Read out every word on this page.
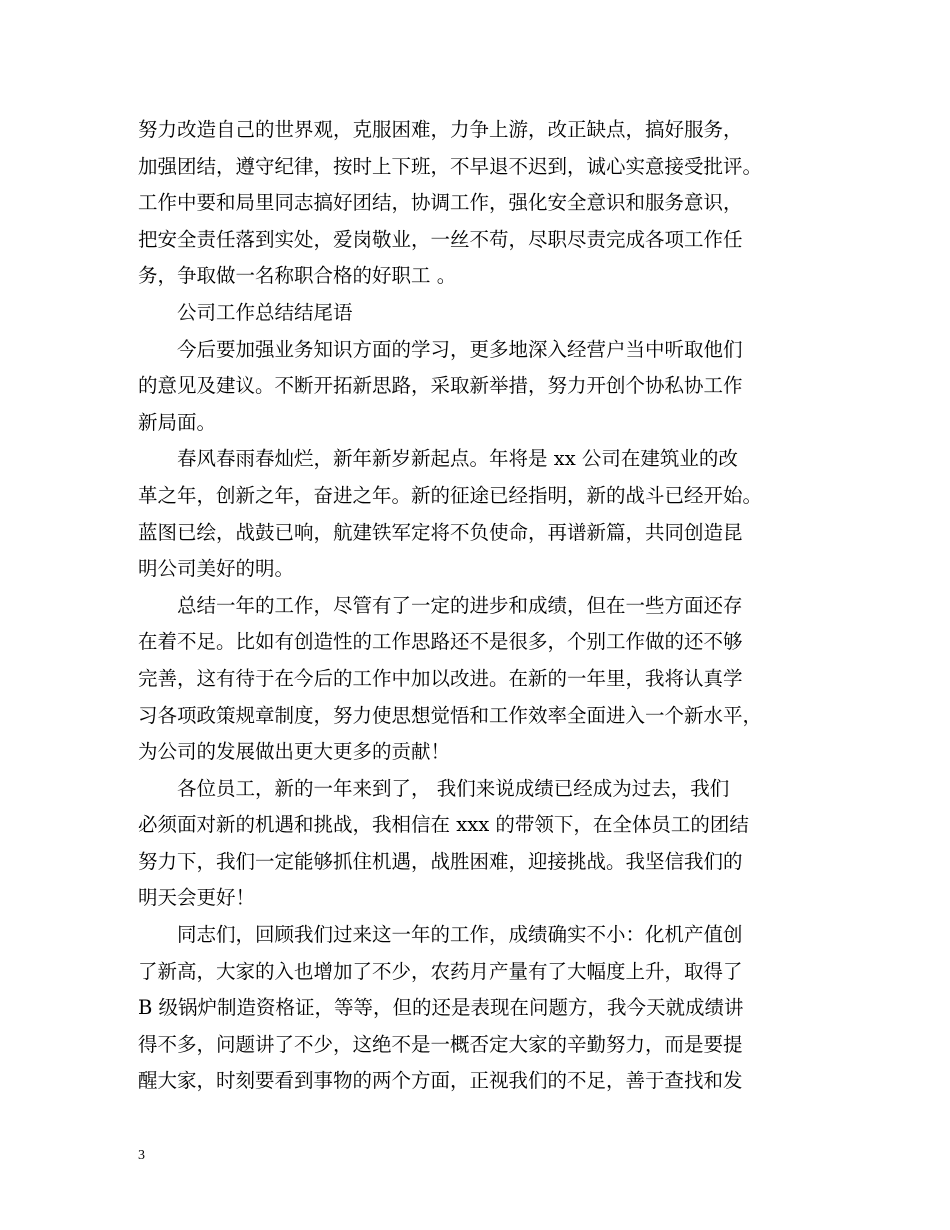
努力改造自己的世界观，克服困难，力争上游，改正缺点，搞好服务，
加强团结，遵守纪律，按时上下班，不早退不迟到，诚心实意接受批评。
工作中要和局里同志搞好团结，协调工作，强化安全意识和服务意识，
把安全责任落到实处，爱岗敬业，一丝不苟，尽职尽责完成各项工作任
务，争取做一名称职合格的好职工 。
　　公司工作总结结尾语
　　今后要加强业务知识方面的学习，更多地深入经营户当中听取他们
的意见及建议。不断开拓新思路，采取新举措，努力开创个协私协工作
新局面。
　　春风春雨春灿烂，新年新岁新起点。年将是 xx 公司在建筑业的改
革之年，创新之年，奋进之年。新的征途已经指明，新的战斗已经开始。
蓝图已绘，战鼓已响，航建铁军定将不负使命，再谱新篇，共同创造昆
明公司美好的明。
　　总结一年的工作，尽管有了一定的进步和成绩，但在一些方面还存
在着不足。比如有创造性的工作思路还不是很多，个别工作做的还不够
完善，这有待于在今后的工作中加以改进。在新的一年里，我将认真学
习各项政策规章制度，努力使思想觉悟和工作效率全面进入一个新水平，
为公司的发展做出更大更多的贡献！
　　各位员工，新的一年来到了， 我们来说成绩已经成为过去，我们
必须面对新的机遇和挑战，我相信在 xxx 的带领下，在全体员工的团结
努力下，我们一定能够抓住机遇，战胜困难，迎接挑战。我坚信我们的
明天会更好！
　　同志们，回顾我们过来这一年的工作，成绩确实不小：化机产值创
了新高，大家的入也增加了不少，农药月产量有了大幅度上升，取得了
B 级锅炉制造资格证，等等，但的还是表现在问题方，我今天就成绩讲
得不多，问题讲了不少，这绝不是一概否定大家的辛勤努力，而是要提
醒大家，时刻要看到事物的两个方面，正视我们的不足，善于查找和发
3
